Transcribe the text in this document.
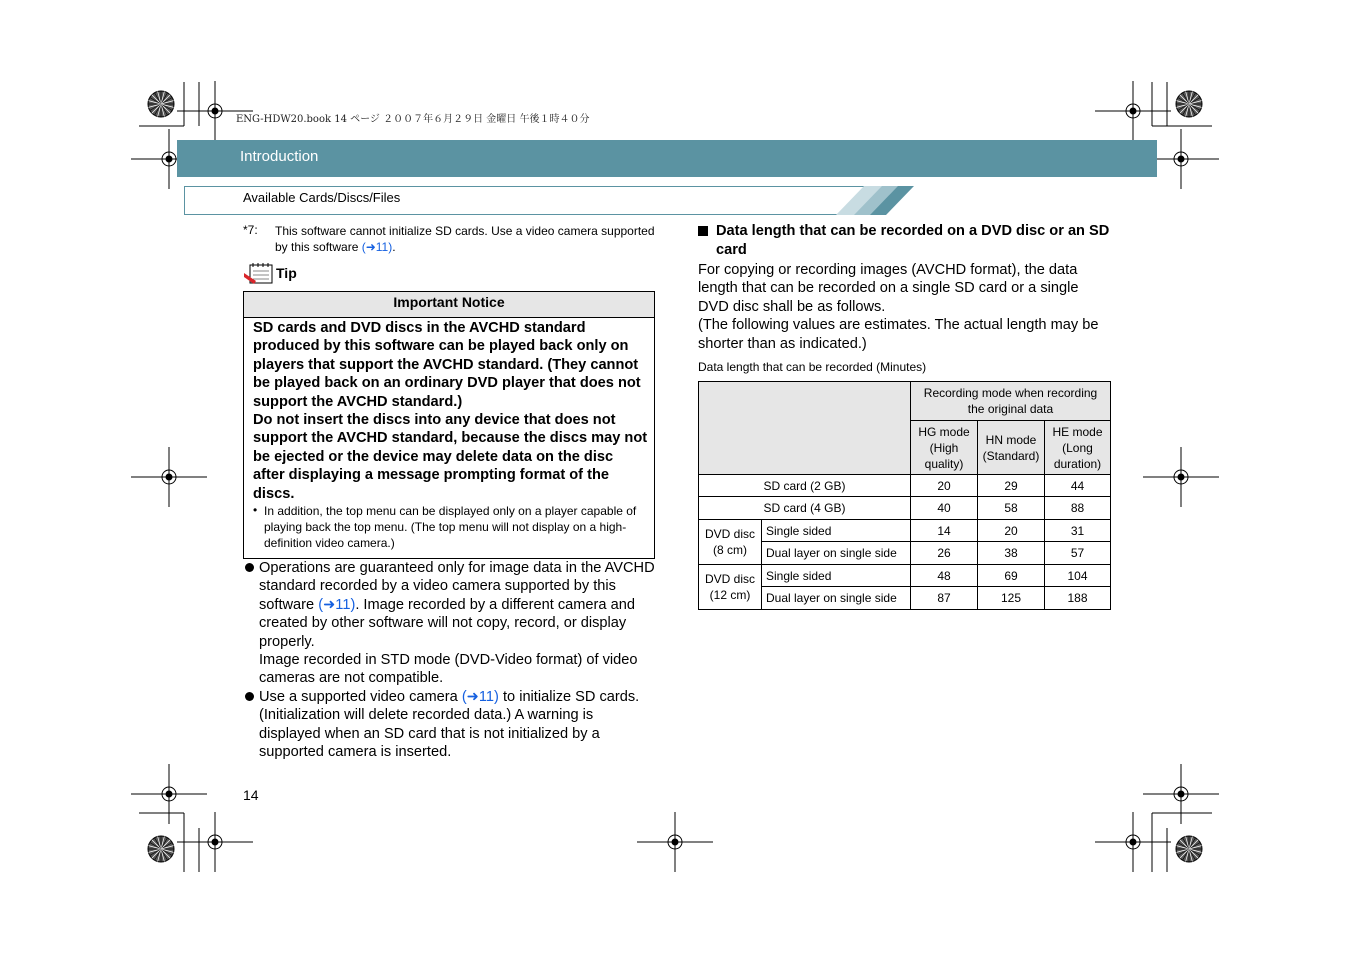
ENG-HDW20.book 14 ページ ２００７年６月２９日 金曜日 午後１時４０分
Introduction
Available Cards/Discs/Files
*7: This software cannot initialize SD cards. Use a video camera supported by this software (➜11).
Tip
Important Notice
SD cards and DVD discs in the AVCHD standard produced by this software can be played back only on players that support the AVCHD standard. (They cannot be played back on an ordinary DVD player that does not support the AVCHD standard.)
Do not insert the discs into any device that does not support the AVCHD standard, because the discs may not be ejected or the device may delete data on the disc after displaying a message prompting format of the discs.
• In addition, the top menu can be displayed only on a player capable of playing back the top menu. (The top menu will not display on a high-definition video camera.)
Operations are guaranteed only for image data in the AVCHD standard recorded by a video camera supported by this software (➜11). Image recorded by a different camera and created by other software will not copy, record, or display properly.
Image recorded in STD mode (DVD-Video format) of video cameras are not compatible.
Use a supported video camera (➜11) to initialize SD cards. (Initialization will delete recorded data.) A warning is displayed when an SD card that is not initialized by a supported camera is inserted.
Data length that can be recorded on a DVD disc or an SD card
For copying or recording images (AVCHD format), the data length that can be recorded on a single SD card or a single DVD disc shall be as follows.
(The following values are estimates. The actual length may be shorter than as indicated.)
Data length that can be recorded (Minutes)
		Recording mode when recording the original data		
		HG mode (High quality)	HN mode (Standard)	HE mode (Long duration)
SD card (2 GB)		20	29	44
SD card (4 GB)		40	58	88
DVD disc (8 cm)	Single sided	14	20	31
	Dual layer on single side	26	38	57
DVD disc (12 cm)	Single sided	48	69	104
	Dual layer on single side	87	125	188
14
